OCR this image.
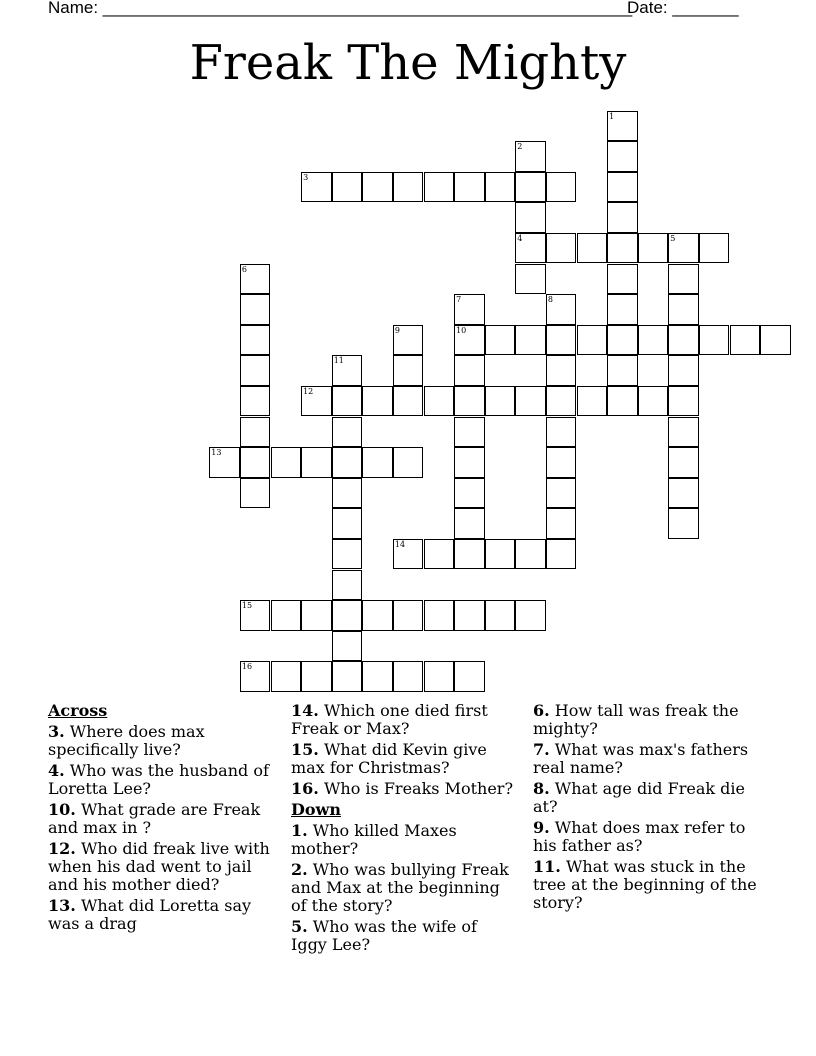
Name: ________________________________________________________
Date: _______
Freak The Mighty
1
2
4
3
5
6
7
10
8
9
11
12
13
14
15
16
Across
3. Where does max specifically live?
4. Who was the husband of Loretta Lee?
10. What grade are Freak and max in ?
12. Who did freak live with when his dad went to jail and his mother died?
13. What did Loretta say was a drag
14. Which one died first Freak or Max?
15. What did Kevin give max for Christmas?
16. Who is Freaks Mother?
Down
1. Who killed Maxes mother?
2. Who was bullying Freak and Max at the beginning of the story?
5. Who was the wife of Iggy Lee?
6. How tall was freak the mighty?
7. What was max's fathers real name?
8. What age did Freak die at?
9. What does max refer to his father as?
11. What was stuck in the tree at the beginning of the story?
